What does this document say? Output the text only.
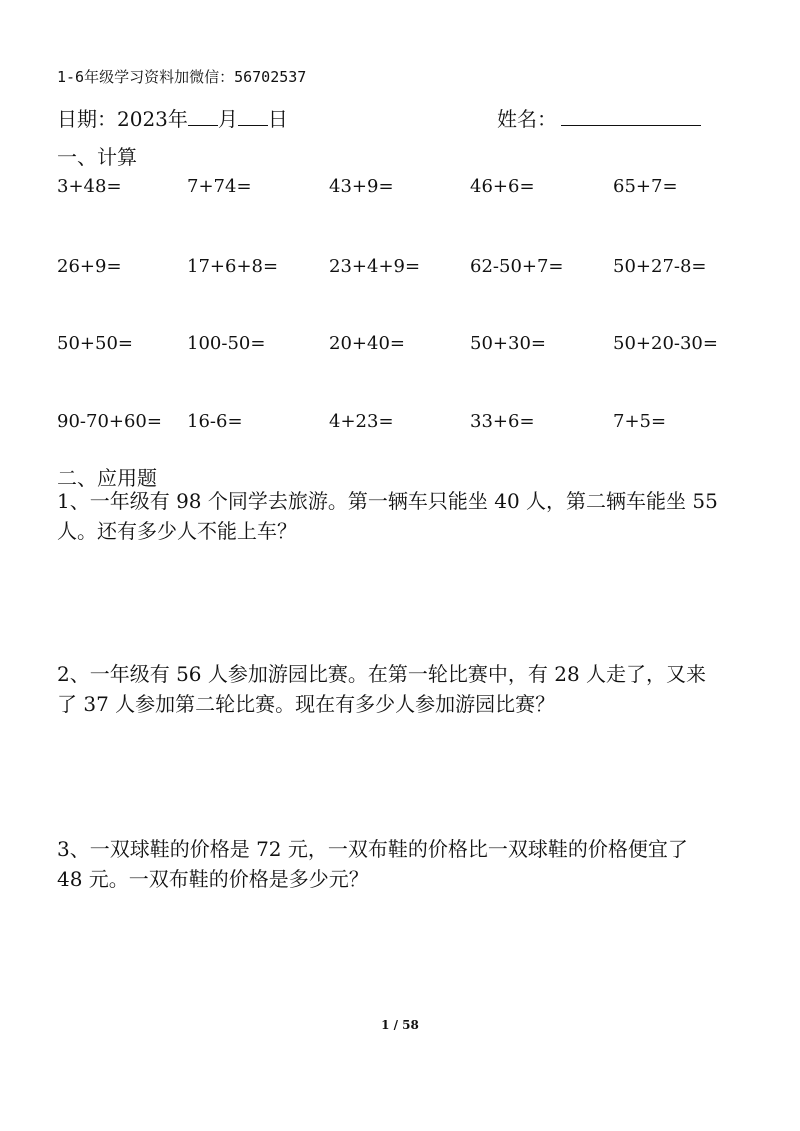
1-6年级学习资料加微信：56702537
日期：2023年 月 日	姓名：
一、计算
3+48=	7+74=	43+9=	46+6=	65+7=
26+9=	17+6+8=	23+4+9=	62-50+7=	50+27-8=
50+50=	100-50=	20+40=	50+30=	50+20-30=
90-70+60= 16-6=	4+23=	33+6=	7+5=
二、应用题
1、一年级有 98 个同学去旅游。第一辆车只能坐 40 人，第二辆车能坐 55
人。还有多少人不能上车？
2、一年级有 56 人参加游园比赛。在第一轮比赛中，有 28 人走了，又来
了 37 人参加第二轮比赛。现在有多少人参加游园比赛？
3、一双球鞋的价格是 72 元，一双布鞋的价格比一双球鞋的价格便宜了
48 元。一双布鞋的价格是多少元？
1 / 58
